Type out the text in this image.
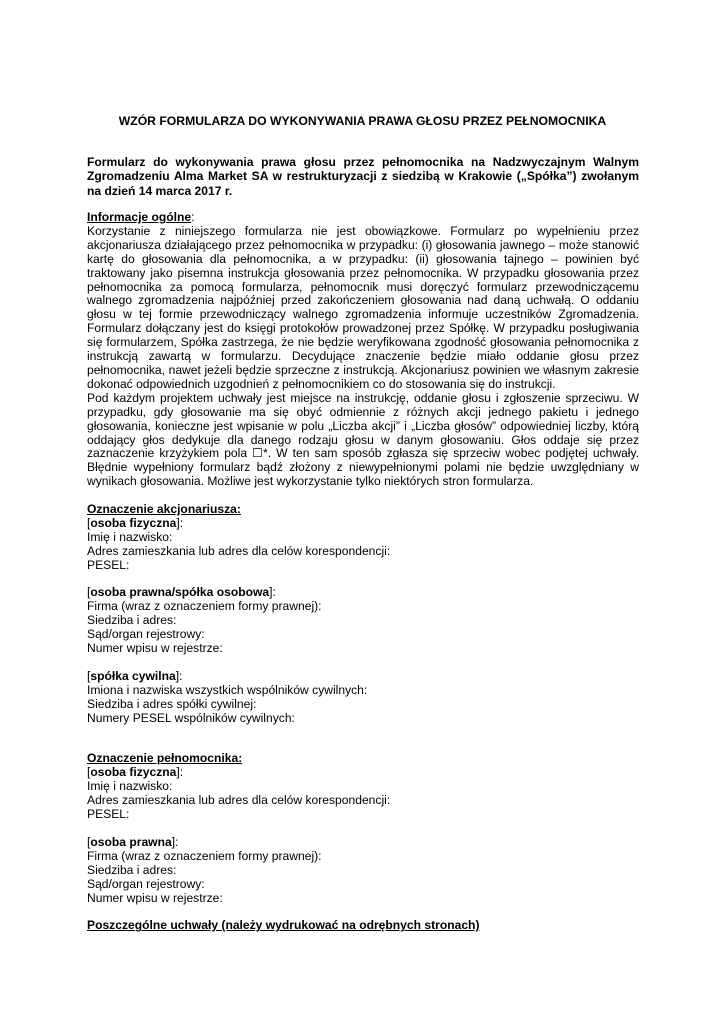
WZÓR FORMULARZA DO WYKONYWANIA PRAWA GŁOSU PRZEZ PEŁNOMOCNIKA
Formularz do wykonywania prawa głosu przez pełnomocnika na Nadzwyczajnym Walnym Zgromadzeniu Alma Market SA w restrukturyzacji z siedzibą w Krakowie („Spółka”) zwołanym na dzień 14 marca 2017 r.
Informacje ogólne:

Korzystanie z niniejszego formularza nie jest obowiązkowe. Formularz po wypełnieniu przez akcjonariusza działającego przez pełnomocnika w przypadku: (i) głosowania jawnego – może stanowić kartę do głosowania dla pełnomocnika, a w przypadku: (ii) głosowania tajnego – powinien być traktowany jako pisemna instrukcja głosowania przez pełnomocnika. W przypadku głosowania przez pełnomocnika za pomocą formularza, pełnomocnik musi doręczyć formularz przewodniczącemu walnego zgromadzenia najpóźniej przed zakończeniem głosowania nad daną uchwałą. O oddaniu głosu w tej formie przewodniczący walnego zgromadzenia informuje uczestników Zgromadzenia. Formularz dołączany jest do księgi protokołów prowadzonej przez Spółkę. W przypadku posługiwania się formularzem, Spółka zastrzega, że nie będzie weryfikowana zgodność głosowania pełnomocnika z instrukcją zawartą w formularzu. Decydujące znaczenie będzie miało oddanie głosu przez pełnomocnika, nawet jeżeli będzie sprzeczne z instrukcją. Akcjonariusz powinien we własnym zakresie dokonać odpowiednich uzgodnień z pełnomocnikiem co do stosowania się do instrukcji.

Pod każdym projektem uchwały jest miejsce na instrukcję, oddanie głosu i zgłoszenie sprzeciwu. W przypadku, gdy głosowanie ma się obyć odmiennie z różnych akcji jednego pakietu i jednego głosowania, konieczne jest wpisanie w polu „Liczba akcji” i „Liczba głosów” odpowiedniej liczby, którą oddający głos dedykuje dla danego rodzaju głosu w danym głosowaniu. Głos oddaje się przez zaznaczenie krzyżykiem pola ☐*. W ten sam sposób zgłasza się sprzeciw wobec podjętej uchwały. Błędnie wypełniony formularz bądź złożony z niewypełnionymi polami nie będzie uwzględniany w wynikach głosowania. Możliwe jest wykorzystanie tylko niektórych stron formularza.

Oznaczenie akcjonariusza:
[osoba fizyczna]:
Imię i nazwisko:
Adres zamieszkania lub adres dla celów korespondencji:
PESEL:
[osoba prawna/spółka osobowa]:
Firma (wraz z oznaczeniem formy prawnej):
Siedziba i adres:
Sąd/organ rejestrowy:
Numer wpisu w rejestrze:
[spółka cywilna]:
Imiona i nazwiska wszystkich wspólników cywilnych:
Siedziba i adres spółki cywilnej:
Numery PESEL wspólników cywilnych:
Oznaczenie pełnomocnika:
[osoba fizyczna]:
Imię i nazwisko:
Adres zamieszkania lub adres dla celów korespondencji:
PESEL:
[osoba prawna]:
Firma (wraz z oznaczeniem formy prawnej):
Siedziba i adres:
Sąd/organ rejestrowy:
Numer wpisu w rejestrze:
Poszczególne uchwały (należy wydrukować na odrębnych stronach)
